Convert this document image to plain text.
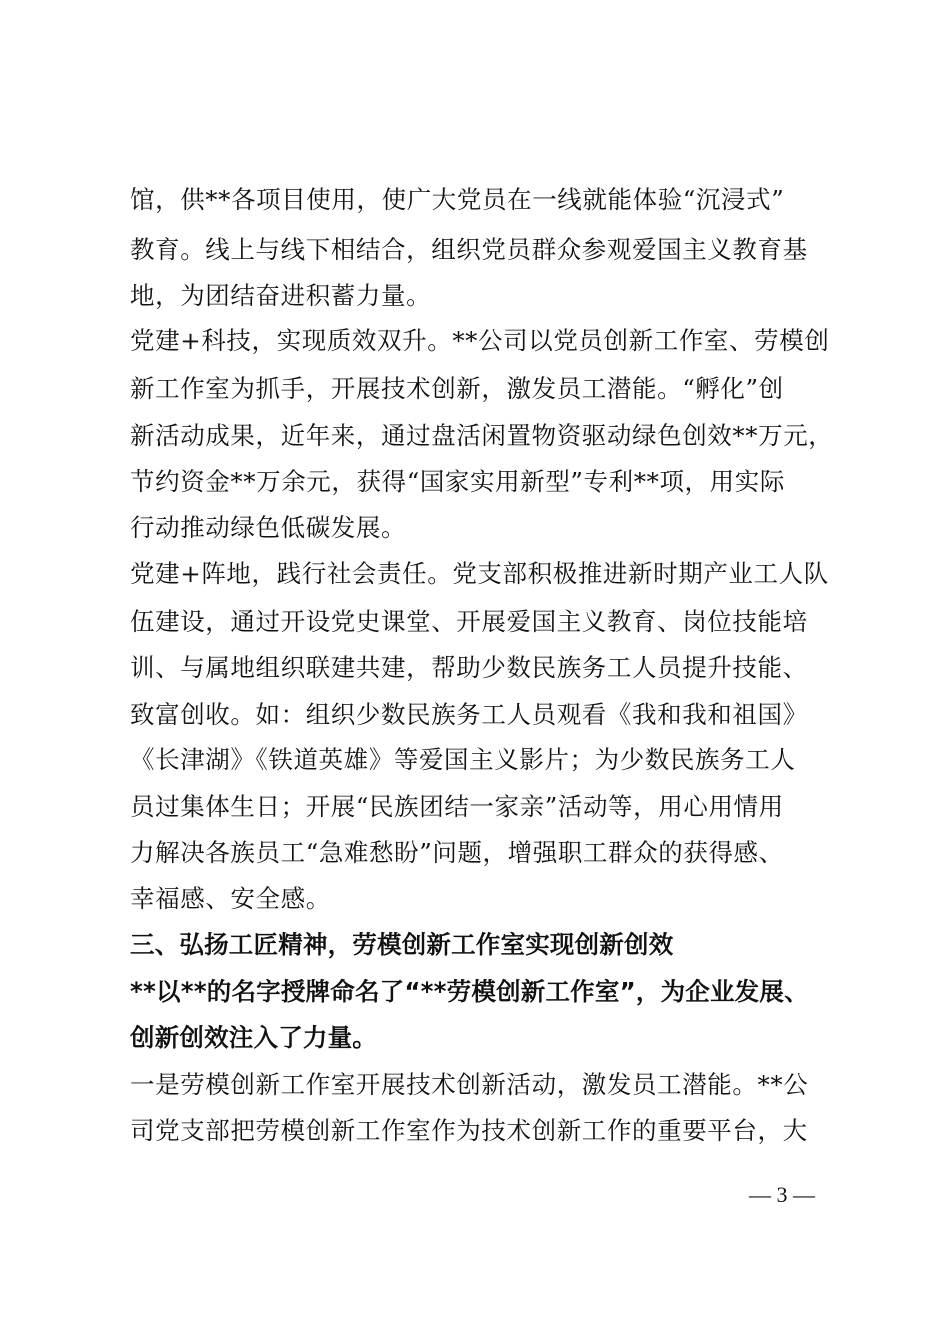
馆，供**各项目使用，使广大党员在一线就能体验“沉浸式”
教育。线上与线下相结合，组织党员群众参观爱国主义教育基
地，为团结奋进积蓄力量。
党建+科技，实现质效双升。**公司以党员创新工作室、劳模创
新工作室为抓手，开展技术创新，激发员工潜能。“孵化”创
新活动成果，近年来，通过盘活闲置物资驱动绿色创效**万元，
节约资金**万余元，获得“国家实用新型”专利**项，用实际
行动推动绿色低碳发展。
党建+阵地，践行社会责任。党支部积极推进新时期产业工人队
伍建设，通过开设党史课堂、开展爱国主义教育、岗位技能培
训、与属地组织联建共建，帮助少数民族务工人员提升技能、
致富创收。如：组织少数民族务工人员观看《我和我和祖国》
《长津湖》《铁道英雄》等爱国主义影片；为少数民族务工人
员过集体生日；开展“民族团结一家亲”活动等，用心用情用
力解决各族员工“急难愁盼”问题，增强职工群众的获得感、
幸福感、安全感。
三、弘扬工匠精神，劳模创新工作室实现创新创效
**以**的名字授牌命名了“**劳模创新工作室”，为企业发展、
创新创效注入了力量。
一是劳模创新工作室开展技术创新活动，激发员工潜能。**公
司党支部把劳模创新工作室作为技术创新工作的重要平台，大
— 3 —
